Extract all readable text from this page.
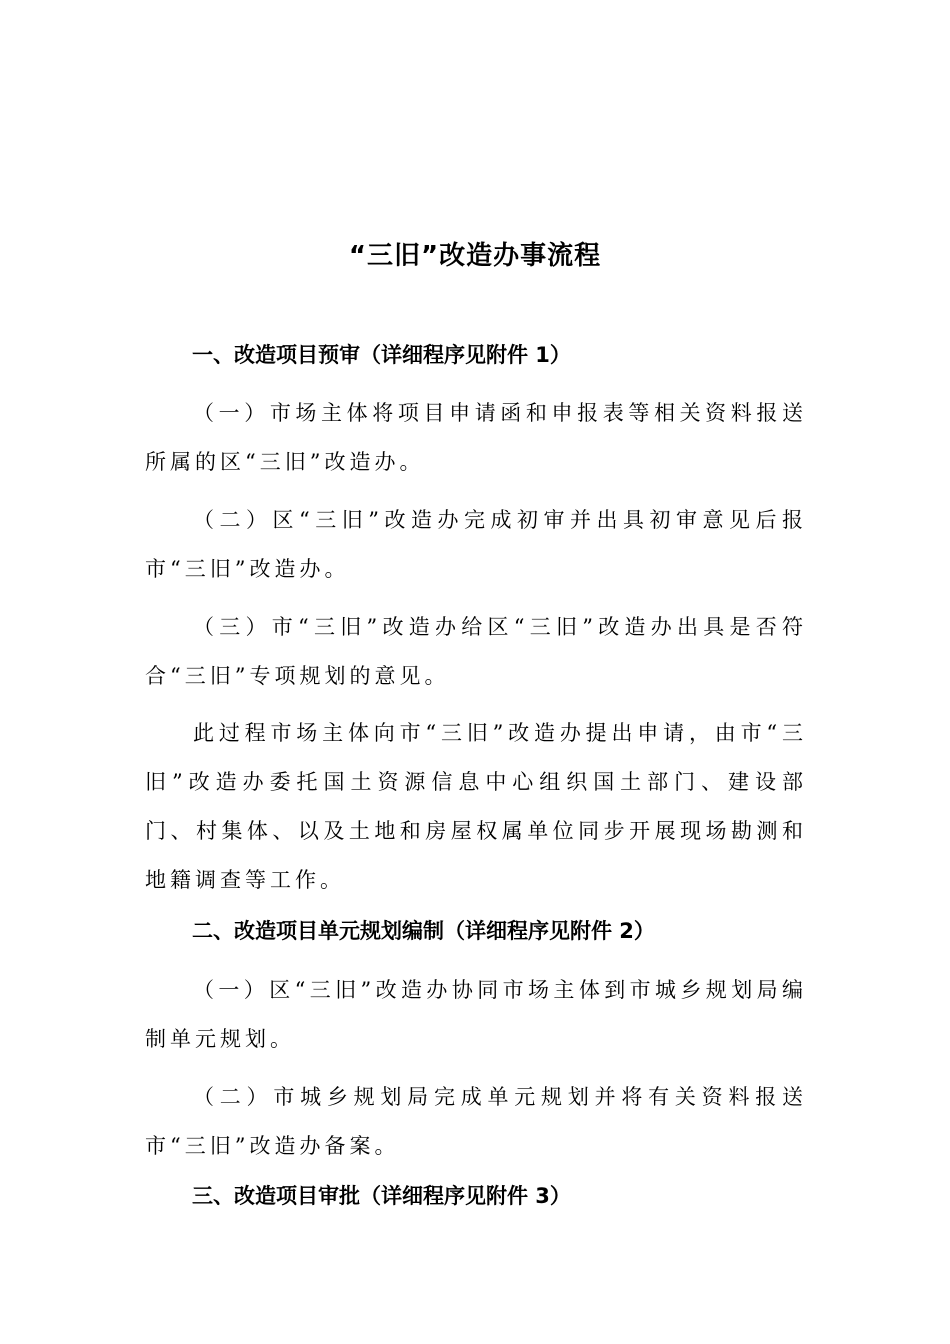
“三旧”改造办事流程
一、改造项目预审（详细程序见附件 1）
（一）市场主体将项目申请函和申报表等相关资料报送所属的区“三旧”改造办。
（二）区“三旧”改造办完成初审并出具初审意见后报市“三旧”改造办。
（三）市“三旧”改造办给区“三旧”改造办出具是否符合“三旧”专项规划的意见。
此过程市场主体向市“三旧”改造办提出申请，由市“三旧”改造办委托国土资源信息中心组织国土部门、建设部门、村集体、以及土地和房屋权属单位同步开展现场勘测和地籍调查等工作。
二、改造项目单元规划编制（详细程序见附件 2）
（一）区“三旧”改造办协同市场主体到市城乡规划局编制单元规划。
（二）市城乡规划局完成单元规划并将有关资料报送市“三旧”改造办备案。
三、改造项目审批（详细程序见附件 3）
